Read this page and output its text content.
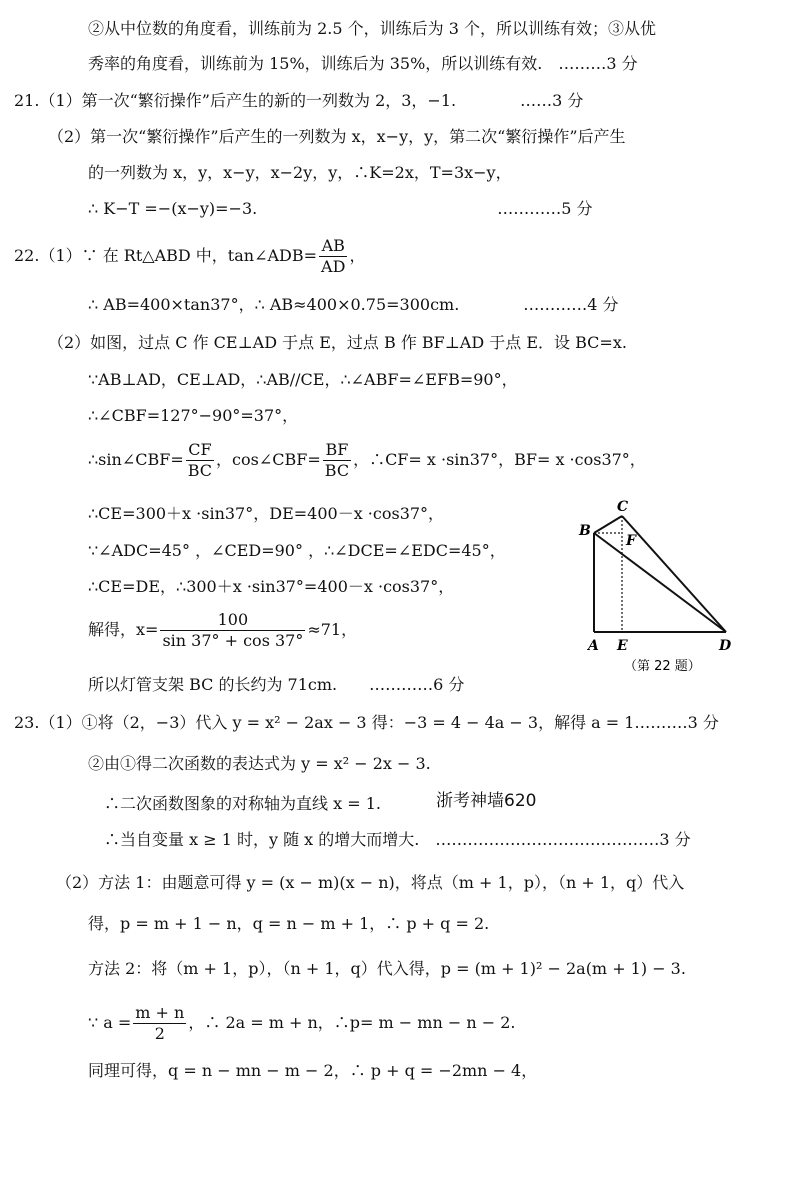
②从中位数的角度看，训练前为 2.5 个，训练后为 3 个，所以训练有效；③从优
秀率的角度看，训练前为 15%，训练后为 35%，所以训练有效.　………3 分
21.（1）第一次“繁衍操作”后产生的新的一列数为 2，3，−1.　　　　……3 分
（2）第一次“繁衍操作”后产生的一列数为 x，x−y，y，第二次“繁衍操作”后产生
的一列数为 x，y，x−y，x−2y，y，∴K=2x，T=3x−y，
∴ K−T =−(x−y)=−3.　　　　　　　　　　　　　　　…………5 分
22.（1）∵ 在 Rt△ABD 中，tan∠ADB= $\frac{AB}{AD}$ ，
∴ AB=400×tan37°，∴ AB≈400×0.75=300cm.　　　　…………4 分
（2）如图，过点 C 作 CE⊥AD 于点 E，过点 B 作 BF⊥AD 于点 E．设 BC=x.
∵AB⊥AD，CE⊥AD，∴AB//CE，∴∠ABF=∠EFB=90°，
∴∠CBF=127°−90°=37°，
∴sin∠CBF= $\frac{CF}{BC}$ ，cos∠CBF= $\frac{BF}{BC}$ ，∴CF= x ·sin37°，BF= x ·cos37°，
∴CE=300＋x ·sin37°，DE=400－x ·cos37°，
∵∠ADC=45° ，∠CED=90° ，∴∠DCE=∠EDC=45°，
∴CE=DE，∴300＋x ·sin37°=400－x ·cos37°，
解得，$x= \frac{100}{\sin 37^\circ + \cos 37^\circ} \approx 71$，
所以灯管支架 BC 的长约为 71cm.　　…………6 分
23.（1）①将（2，−3）代入 y = x² − 2ax − 3 得：−3 = 4 − 4a − 3，解得 a = 1.………3 分
②由①得二次函数的表达式为 y = x² − 2x − 3.
∴二次函数图象的对称轴为直线 x = 1.	浙考神墙620
∴当自变量 x ≥ 1 时，y 随 x 的增大而增大.　……………………………………3 分
（2）方法 1：由题意可得 y = (x − m)(x − n)，将点（m + 1，p），（n + 1，q）代入
得，p = m + 1 − n，q = n − m + 1，∴ p + q = 2.
方法 2：将（m + 1，p），（n + 1，q）代入得，p = (m + 1)² − 2a(m + 1) − 3.
∵ $a = \frac{m + n}{2}$ ，∴ 2a = m + n，∴p= m − mn − n − 2.
同理可得，q = n − mn − m − 2，∴ p + q = −2mn − 4，
B
C
F
A E	D
（第 22 题）
